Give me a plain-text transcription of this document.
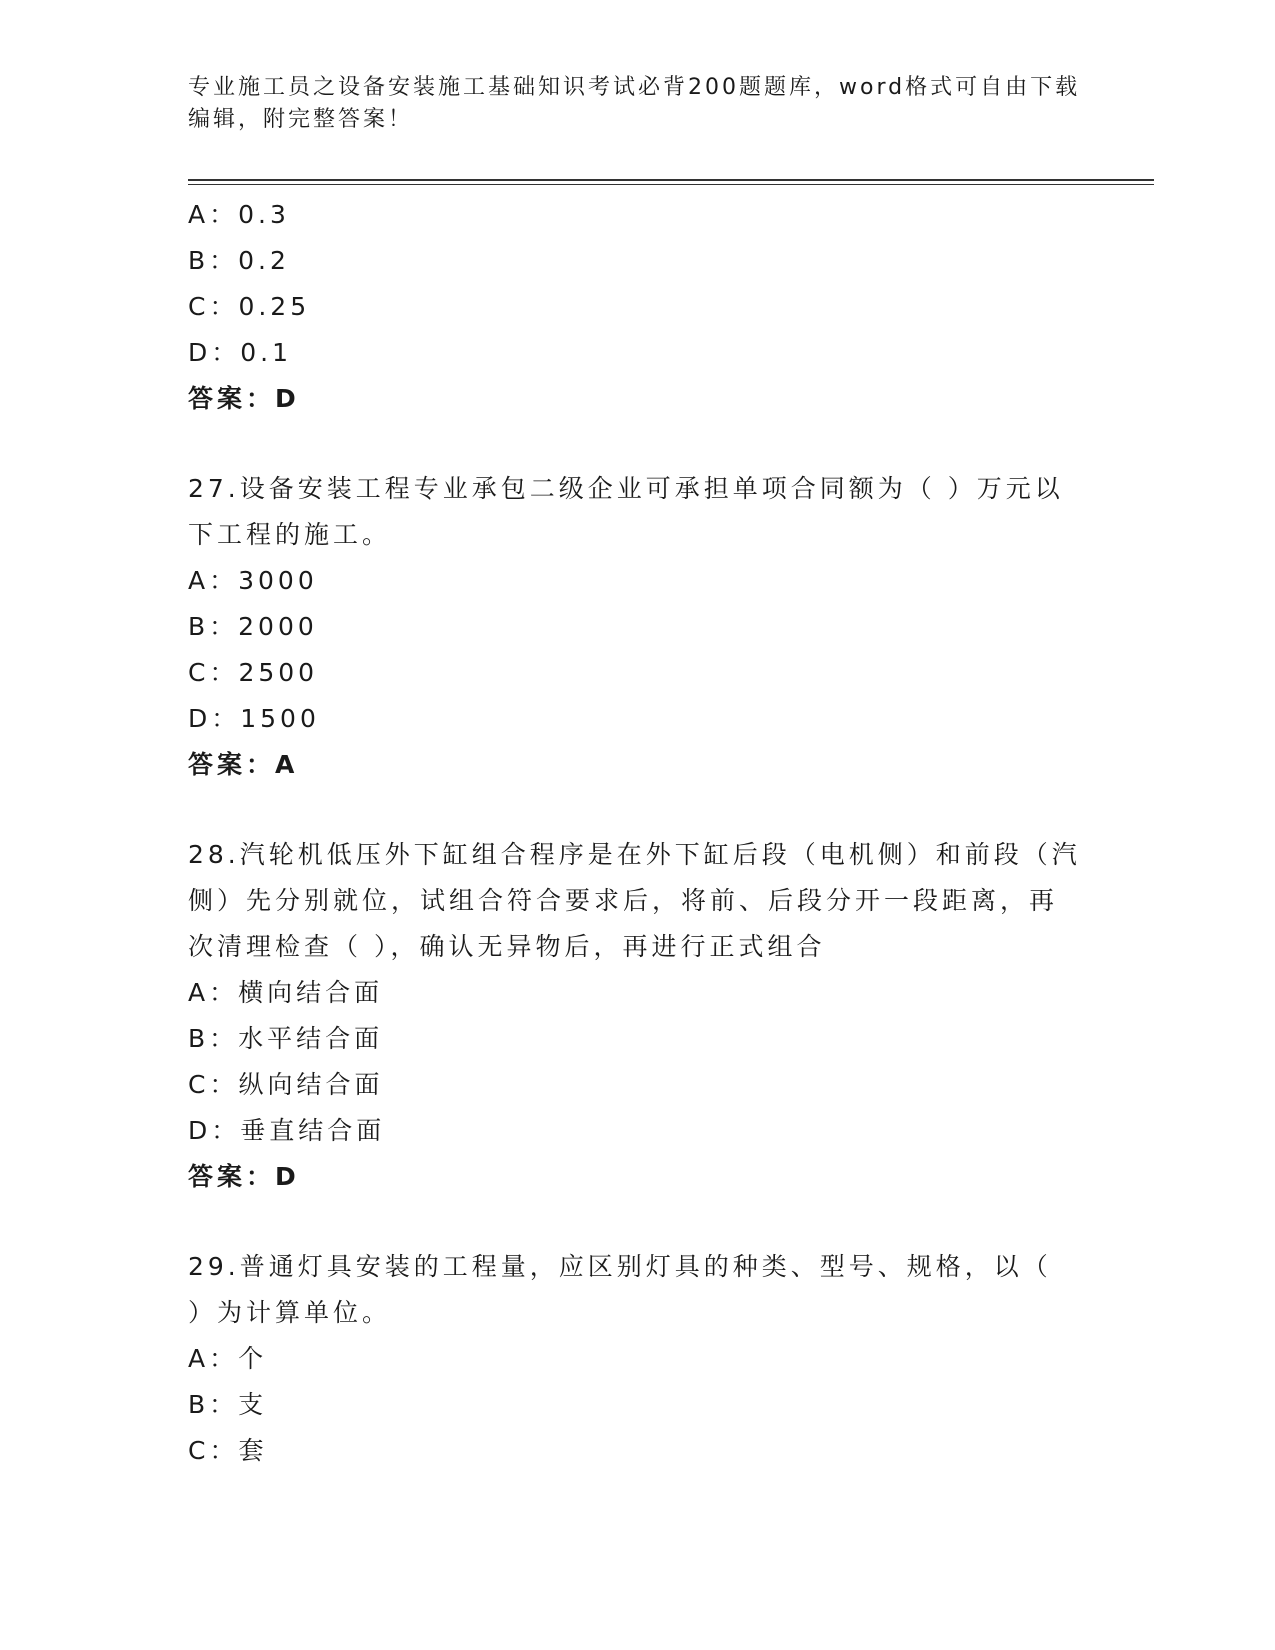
专业施工员之设备安装施工基础知识考试必背200题题库，word格式可自由下载编辑，附完整答案！
A：0.3
B：0.2
C：0.25
D：0.1
答案：D
27.设备安装工程专业承包二级企业可承担单项合同额为（ ）万元以
下工程的施工。
A：3000
B：2000
C：2500
D：1500
答案：A
28.汽轮机低压外下缸组合程序是在外下缸后段（电机侧）和前段（汽
侧）先分别就位，试组合符合要求后，将前、后段分开一段距离，再
次清理检查（ ），确认无异物后，再进行正式组合
A：横向结合面
B：水平结合面
C：纵向结合面
D：垂直结合面
答案：D
29.普通灯具安装的工程量，应区别灯具的种类、型号、规格，以（
）为计算单位。
A：个
B：支
C：套
